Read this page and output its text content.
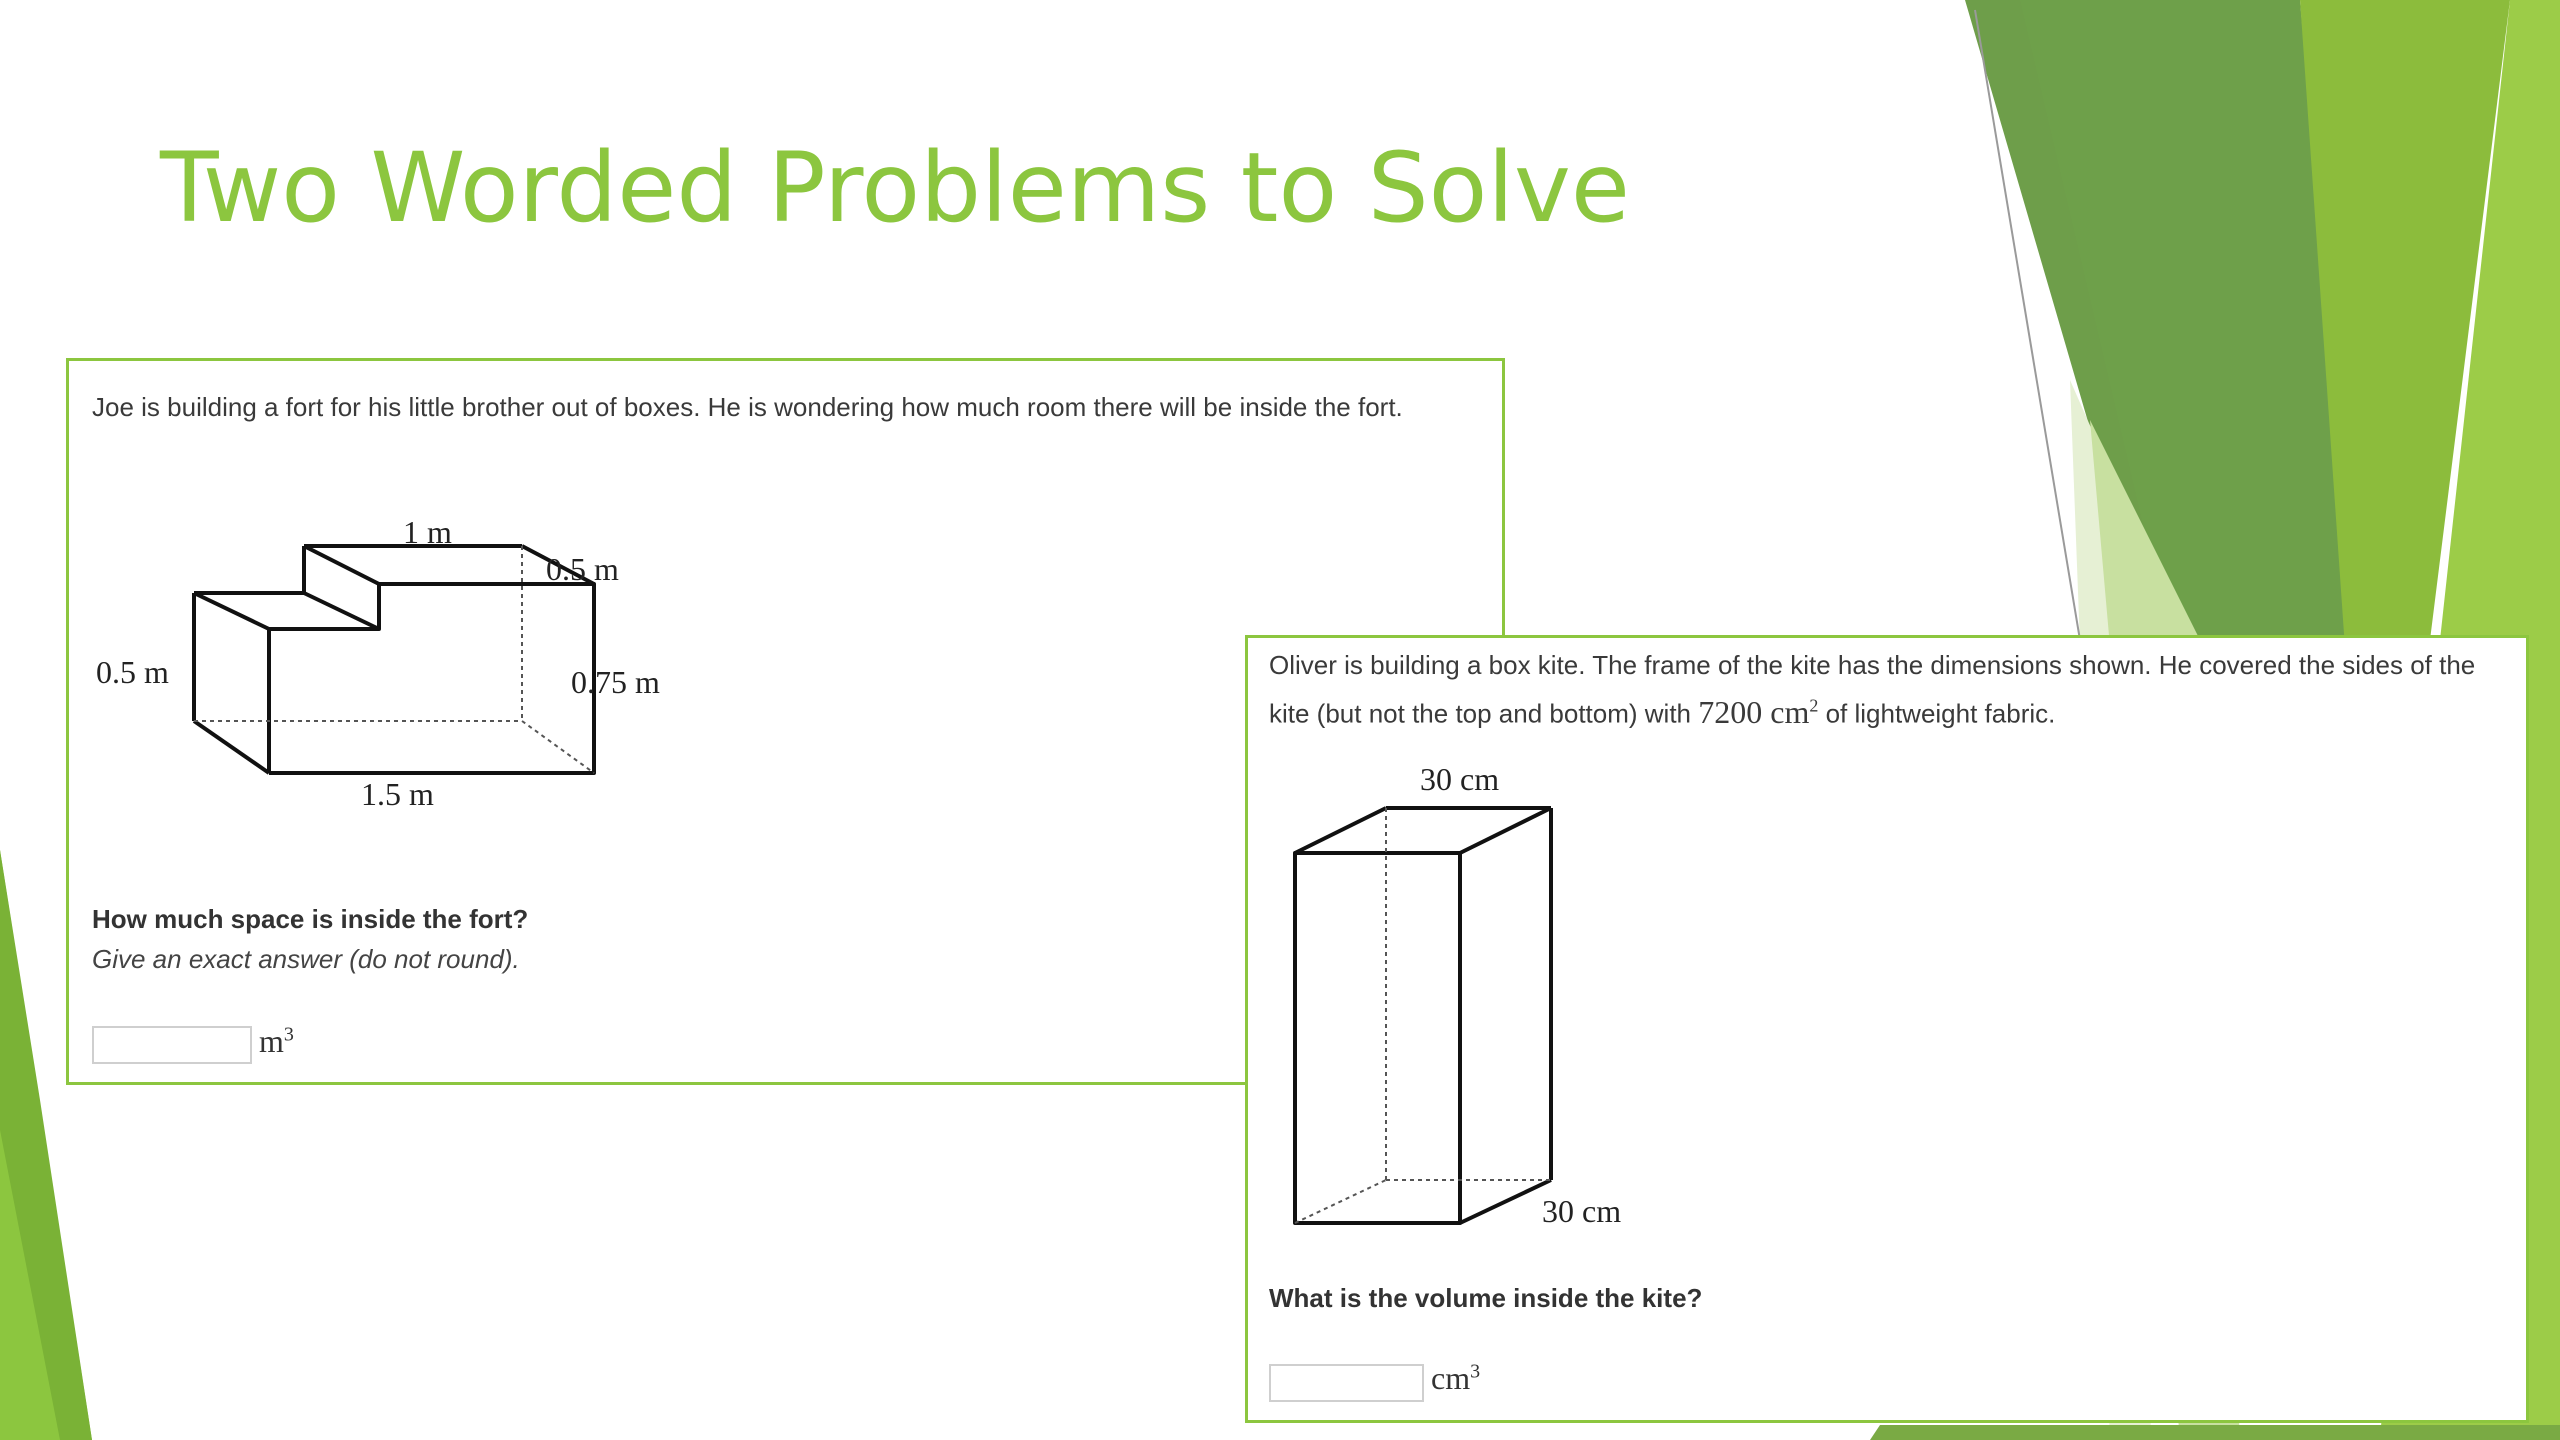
Two Worded Problems to Solve
Joe is building a fort for his little brother out of boxes. He is wondering how much room there will be inside the fort.
1 m
0.5 m
0.5 m	0.75 m
1.5 m
How much space is inside the fort?
Give an exact answer (do not round).
$m^3$
Oliver is building a box kite. The frame of the kite has the dimensions shown. He covered the sides of the kite (but not the top and bottom) with 7200 $cm^2$ of lightweight fabric.
30 cm
30 cm
What is the volume inside the kite?
$cm^3$
